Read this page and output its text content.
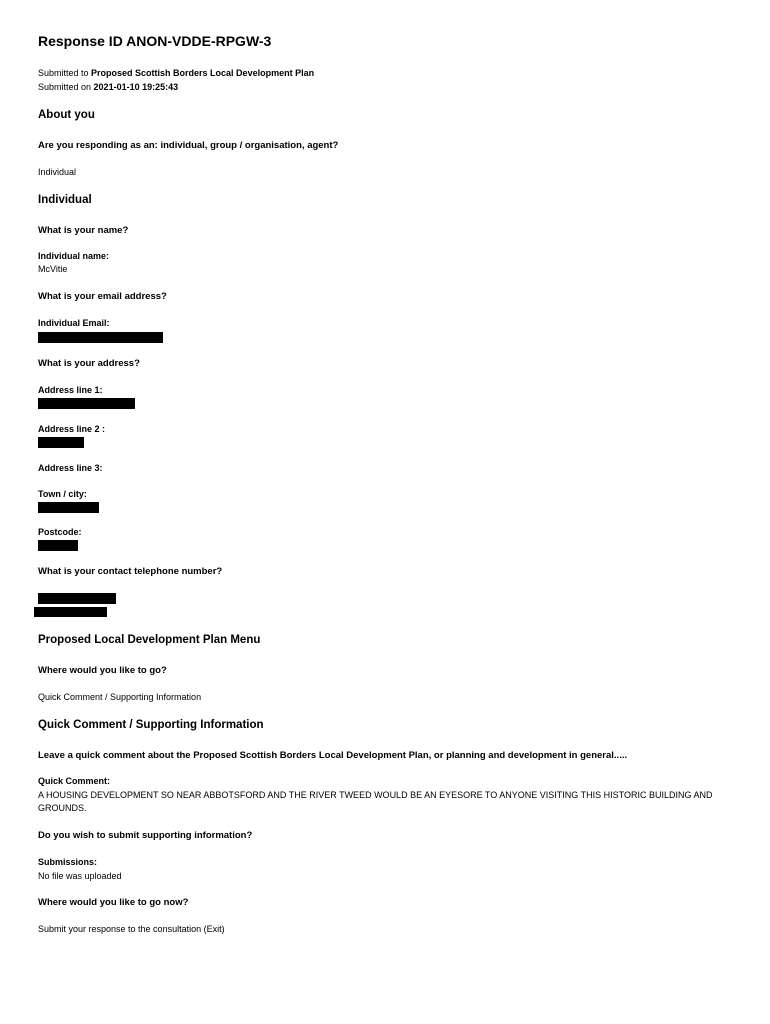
Response ID ANON-VDDE-RPGW-3
Submitted to Proposed Scottish Borders Local Development Plan
Submitted on 2021-01-10 19:25:43
About you
Are you responding as an: individual, group / organisation, agent?
Individual
Individual
What is your name?
Individual name:
McVitie
What is your email address?
Individual Email:
What is your address?
Address line 1:
Address line 2 :
Address line 3:
Town / city:
Postcode:
What is your contact telephone number?
Proposed Local Development Plan Menu
Where would you like to go?
Quick Comment / Supporting Information
Quick Comment / Supporting Information
Leave a quick comment about the Proposed Scottish Borders Local Development Plan, or planning and development in general.....
Quick Comment:
A HOUSING DEVELOPMENT SO NEAR ABBOTSFORD AND THE RIVER TWEED WOULD BE AN EYESORE TO ANYONE VISITING THIS HISTORIC BUILDING AND GROUNDS.
Do you wish to submit supporting information?
Submissions:
No file was uploaded
Where would you like to go now?
Submit your response to the consultation (Exit)
